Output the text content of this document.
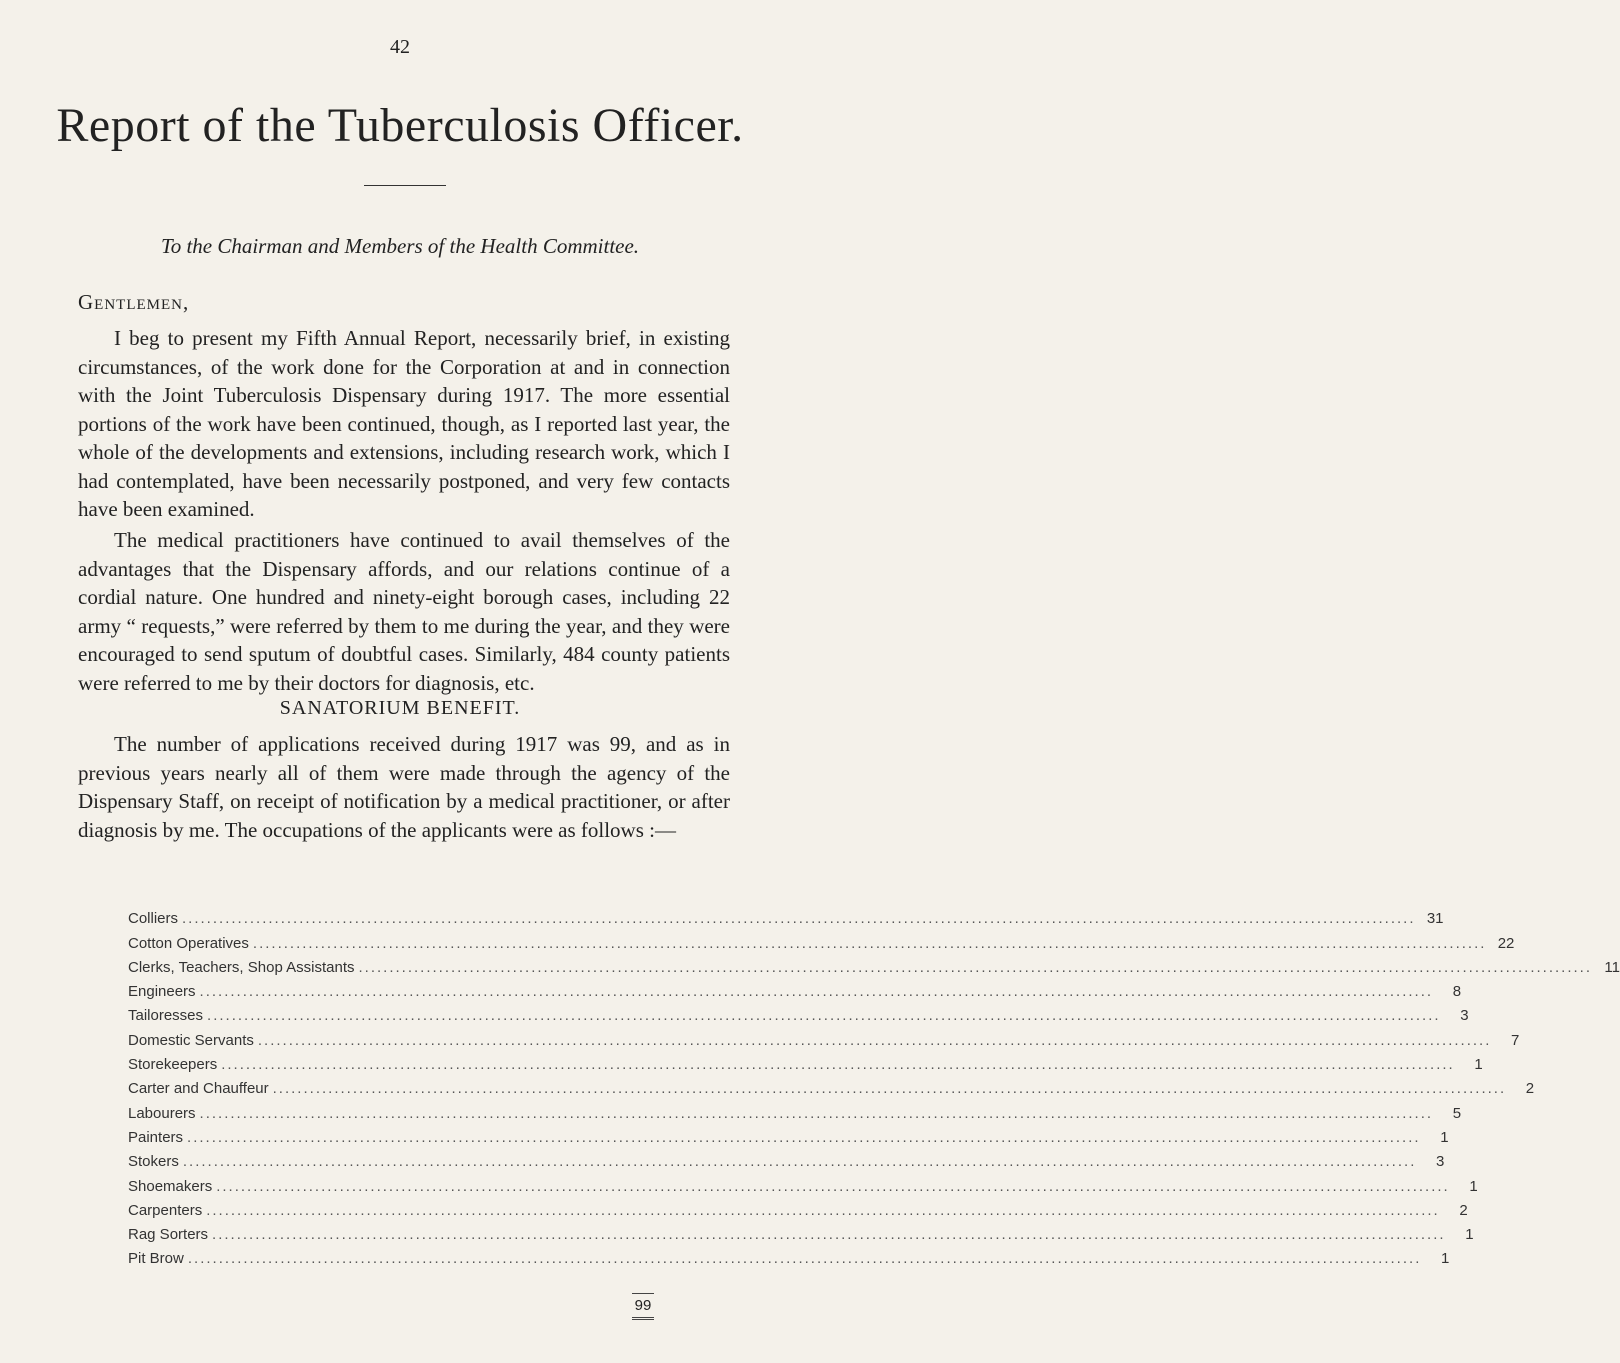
42
Report of the Tuberculosis Officer.
To the Chairman and Members of the Health Committee.
Gentlemen,

I beg to present my Fifth Annual Report, necessarily brief, in existing circumstances, of the work done for the Corporation at and in connection with the Joint Tuberculosis Dispensary during 1917. The more essential portions of the work have been continued, though, as I reported last year, the whole of the developments and extensions, including research work, which I had contemplated, have been necessarily postponed, and very few contacts have been examined.

The medical practitioners have continued to avail themselves of the advantages that the Dispensary affords, and our relations continue of a cordial nature. One hundred and ninety-eight borough cases, including 22 army “ requests,” were referred by them to me during the year, and they were encouraged to send sputum of doubtful cases. Similarly, 484 county patients were referred to me by their doctors for diagnosis, etc.

SANATORIUM BENEFIT.

The number of applications received during 1917 was 99, and as in previous years nearly all of them were made through the agency of the Dispensary Staff, on receipt of notification by a medical practitioner, or after diagnosis by me. The occupations of the applicants were as follows :—

Colliers ........................................................................................................................................................................................................ 31
Cotton Operatives ........................................................................................................................................................................................................ 22
Clerks, Teachers, Shop Assistants ........................................................................................................................................................................................................ 11
Engineers ........................................................................................................................................................................................................	8
Tailoresses ........................................................................................................................................................................................................	3
Domestic Servants ........................................................................................................................................................................................................	7
Storekeepers ........................................................................................................................................................................................................	1
Carter and Chauffeur ........................................................................................................................................................................................................	2
Labourers ........................................................................................................................................................................................................	5
Painters ........................................................................................................................................................................................................	1
Stokers ........................................................................................................................................................................................................	3
Shoemakers ........................................................................................................................................................................................................	1
Carpenters ........................................................................................................................................................................................................	2
Rag Sorters ........................................................................................................................................................................................................	1
Pit Brow ........................................................................................................................................................................................................	1
99
